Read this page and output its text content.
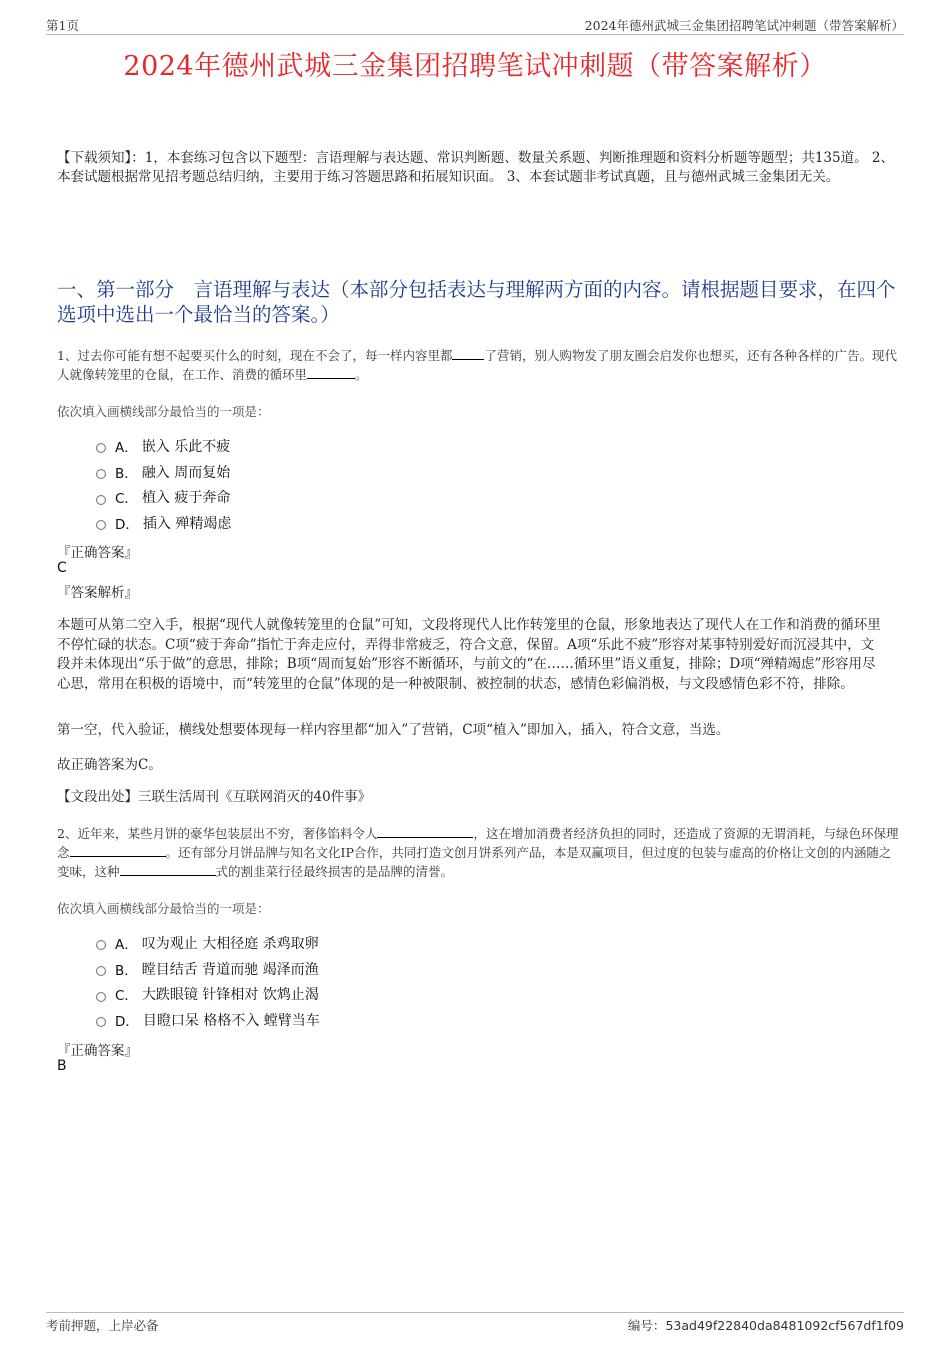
第1页	2024年德州武城三金集团招聘笔试冲刺题（带答案解析）
2024年德州武城三金集团招聘笔试冲刺题（带答案解析）
【下载须知】：1，本套练习包含以下题型：言语理解与表达题、常识判断题、数量关系题、判断推理题和资料分析题等题型；共135道。 2、本套试题根据常见招考题总结归纳，主要用于练习答题思路和拓展知识面。 3、本套试题非考试真题，且与德州武城三金集团无关。
一、第一部分　言语理解与表达（本部分包括表达与理解两方面的内容。请根据题目要求，在四个选项中选出一个最恰当的答案。）
1、过去你可能有想不起要买什么的时刻，现在不会了，每一样内容里都	了营销，别人购物发了朋友圈会启发你也想买，还有各种各样的广告。现代人就像转笼里的仓鼠，在工作、消费的循环里	。
依次填入画横线部分最恰当的一项是：
A． 嵌入 乐此不疲
B． 融入 周而复始
C． 植入 疲于奔命
D． 插入 殚精竭虑
『正确答案』
C
『答案解析』
本题可从第二空入手，根据“现代人就像转笼里的仓鼠”可知，文段将现代人比作转笼里的仓鼠，形象地表达了现代人在工作和消费的循环里不停忙碌的状态。C项“疲于奔命”指忙于奔走应付，弄得非常疲乏，符合文意，保留。A项“乐此不疲”形容对某事特别爱好而沉浸其中，文段并未体现出“乐于做”的意思，排除；B项“周而复始”形容不断循环，与前文的“在……循环里”语义重复，排除；D项“殚精竭虑”形容用尽心思，常用在积极的语境中，而“转笼里的仓鼠”体现的是一种被限制、被控制的状态，感情色彩偏消极，与文段感情色彩不符，排除。
第一空，代入验证，横线处想要体现每一样内容里都“加入”了营销，C项“植入”即加入，插入，符合文意，当选。
故正确答案为C。
【文段出处】三联生活周刊《互联网消灭的40件事》
2、近年来，某些月饼的豪华包装层出不穷，奢侈馅料令人	，这在增加消费者经济负担的同时，还造成了资源的无谓消耗，与绿色环保理念	。还有部分月饼品牌与知名文化IP合作，共同打造文创月饼系列产品，本是双赢项目，但过度的包装与虚高的价格让文创的内涵随之变味，这种	式的割韭菜行径最终损害的是品牌的清誉。
依次填入画横线部分最恰当的一项是：
A． 叹为观止 大相径庭 杀鸡取卵
B． 瞠目结舌 背道而驰 竭泽而渔
C． 大跌眼镜 针锋相对 饮鸩止渴
D． 目瞪口呆 格格不入 螳臂当车
『正确答案』
B
考前押题，上岸必备	编号：53ad49f22840da8481092cf567df1f09
